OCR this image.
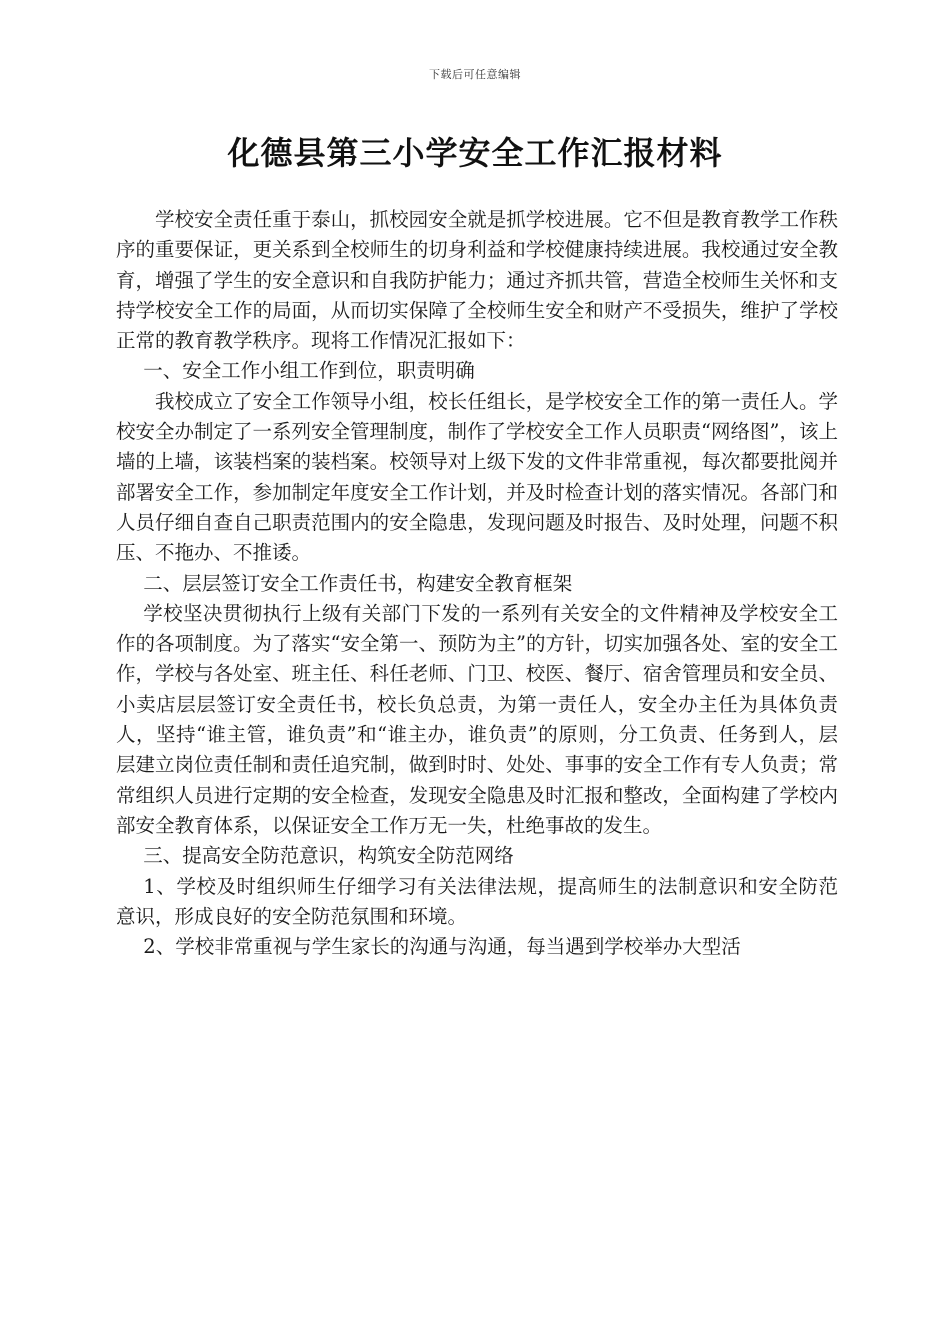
下载后可任意编辑
化德县第三小学安全工作汇报材料

学校安全责任重于泰山，抓校园安全就是抓学校进展。它不但是教育教学工作秩序的重要保证，更关系到全校师生的切身利益和学校健康持续进展。我校通过安全教育，增强了学生的安全意识和自我防护能力；通过齐抓共管，营造全校师生关怀和支持学校安全工作的局面，从而切实保障了全校师生安全和财产不受损失，维护了学校正常的教育教学秩序。现将工作情况汇报如下：

一、安全工作小组工作到位，职责明确

我校成立了安全工作领导小组，校长任组长，是学校安全工作的第一责任人。学校安全办制定了一系列安全管理制度，制作了学校安全工作人员职责“网络图”，该上墙的上墙，该装档案的装档案。校领导对上级下发的文件非常重视，每次都要批阅并部署安全工作，参加制定年度安全工作计划，并及时检查计划的落实情况。各部门和人员仔细自查自己职责范围内的安全隐患，发现问题及时报告、及时处理，问题不积压、不拖办、不推诿。

二、层层签订安全工作责任书，构建安全教育框架

学校坚决贯彻执行上级有关部门下发的一系列有关安全的文件精神及学校安全工作的各项制度。为了落实“安全第一、预防为主”的方针，切实加强各处、室的安全工作，学校与各处室、班主任、科任老师、门卫、校医、餐厅、宿舍管理员和安全员、小卖店层层签订安全责任书，校长负总责，为第一责任人，安全办主任为具体负责人，坚持“谁主管，谁负责”和“谁主办，谁负责”的原则，分工负责、任务到人，层层建立岗位责任制和责任追究制，做到时时、处处、事事的安全工作有专人负责；常常组织人员进行定期的安全检查，发现安全隐患及时汇报和整改，全面构建了学校内部安全教育体系，以保证安全工作万无一失，杜绝事故的发生。

三、提高安全防范意识，构筑安全防范网络

1、学校及时组织师生仔细学习有关法律法规，提高师生的法制意识和安全防范意识，形成良好的安全防范氛围和环境。

2、学校非常重视与学生家长的沟通与沟通，每当遇到学校举办大型活
